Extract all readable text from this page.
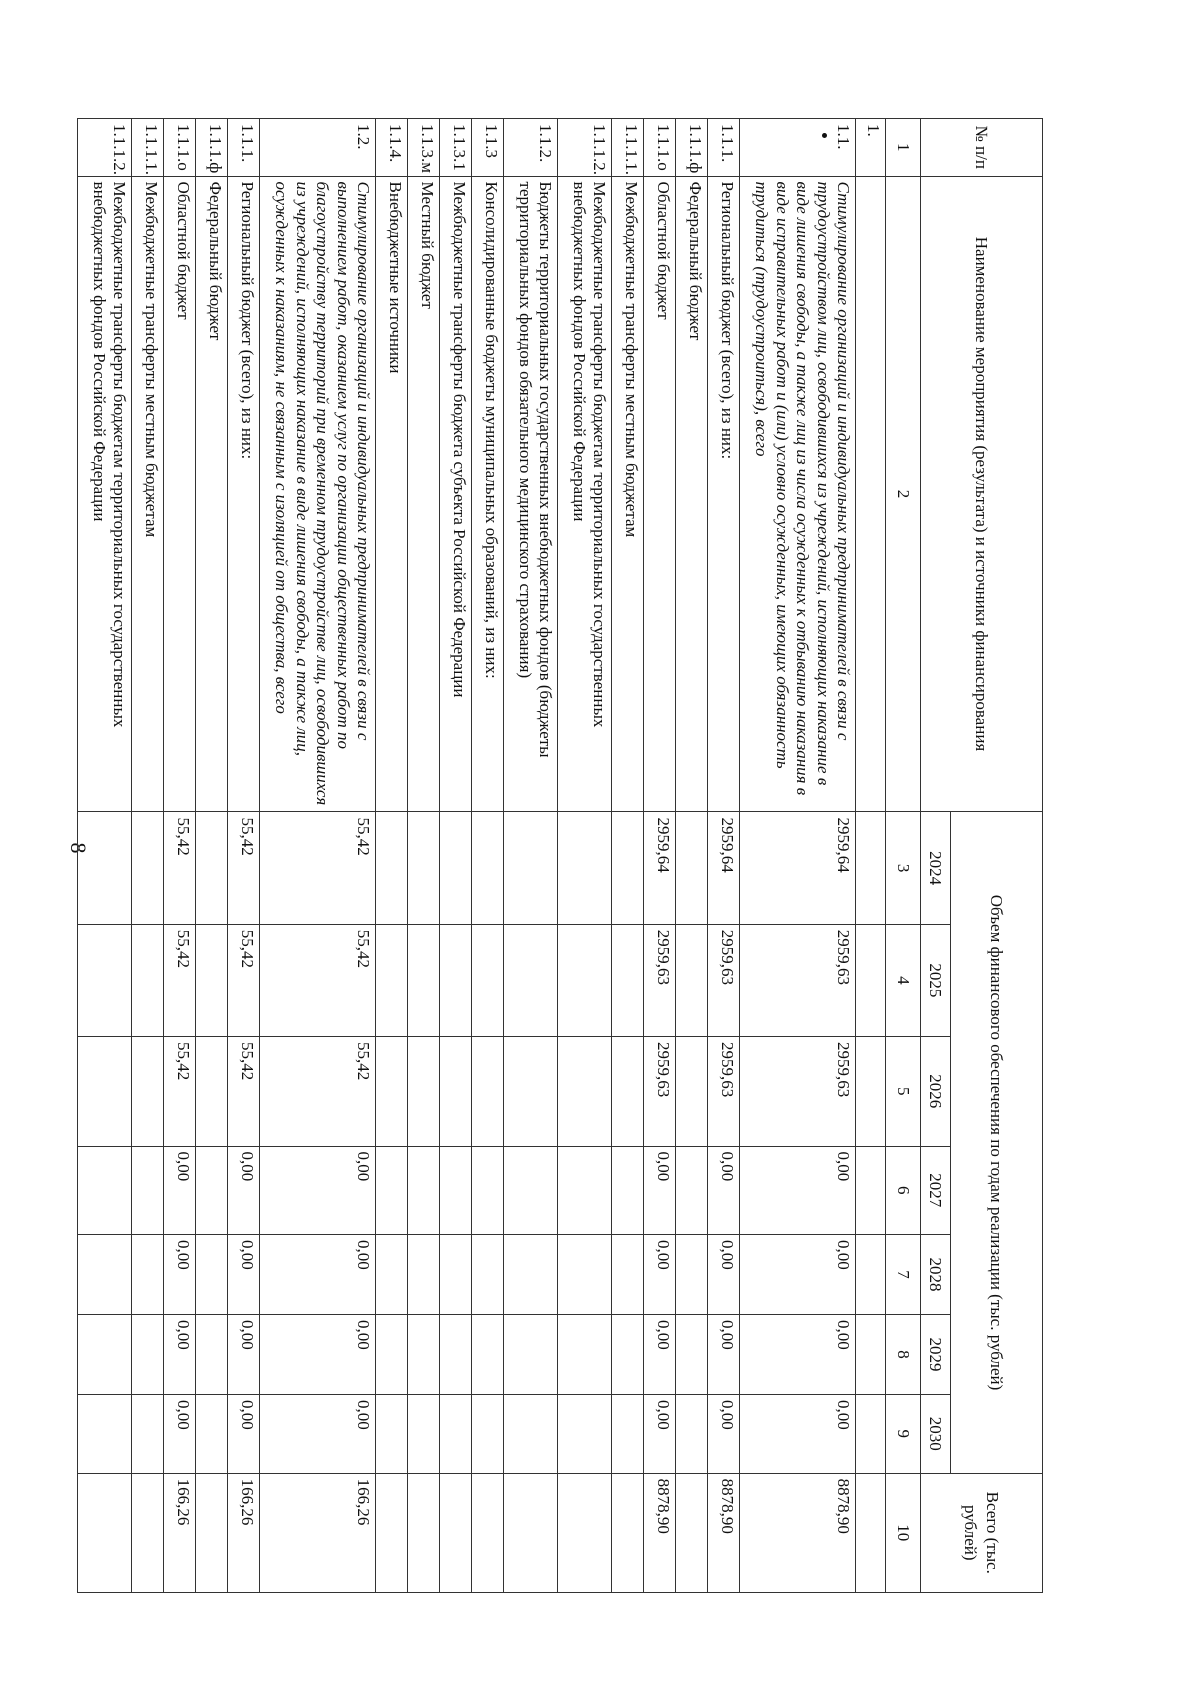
8
№ п/п	Наименование мероприятия (результата) и источники финансирования	Объем финансового обеспечения по годам реализации (тыс. рублей)							Всего (тыс. рублей)
		2024	2025	2026	2027	2028	2029	2030	
1	2	3	4	5	6	7	8	9	10
1.									
1.1.	Стимулирование организаций и индивидуальных предпринимателей в связи с трудоустройством лиц, освободившихся из учреждений, исполняющих наказание в виде лишения свободы, а также лиц из числа осужденных к отбыванию наказания в виде исправительных работ и (или) условно осужденных, имеющих обязанность трудиться (трудоустроиться), всего	2959,64	2959,63	2959,63	0,00	0,00	0,00	0,00	8878,90
1.1.1.	Региональный бюджет (всего), из них:	2959,64	2959,63	2959,63	0,00	0,00	0,00	0,00	8878,90
1.1.1.ф	Федеральный бюджет								
1.1.1.о	Областной бюджет	2959,64	2959,63	2959,63	0,00	0,00	0,00	0,00	8878,90
1.1.1.1.	Межбюджетные трансферты местным бюджетам								
1.1.1.2.	Межбюджетные трансферты бюджетам территориальных государственных внебюджетных фондов Российской Федерации								
1.1.2.	Бюджеты территориальных государственных внебюджетных фондов (бюджеты территориальных фондов обязательного медицинского страхования)								
1.1.3	Консолидированные бюджеты муниципальных образований, из них:								
1.1.3.1	Межбюджетные трансферты бюджета субъекта Российской Федерации								
1.1.3.м	Местный бюджет								
1.1.4.	Внебюджетные источники								
1.2.	Стимулирование организаций и индивидуальных предпринимателей в связи с выполнением работ, оказанием услуг по организации общественных работ по благоустройству территорий при временном трудоустройстве лиц, освободившихся из учреждений, исполняющих наказание в виде лишения свободы, а также лиц, осужденных к наказаниям, не связанным с изоляцией от общества, всего	55,42	55,42	55,42	0,00	0,00	0,00	0,00	166,26
1.1.1.	Региональный бюджет (всего), из них:	55,42	55,42	55,42	0,00	0,00	0,00	0,00	166,26
1.1.1.ф	Федеральный бюджет								
1.1.1.о	Областной бюджет	55,42	55,42	55,42	0,00	0,00	0,00	0,00	166,26
1.1.1.1.	Межбюджетные трансферты местным бюджетам								
1.1.1.2.	Межбюджетные трансферты бюджетам территориальных государственных внебюджетных фондов Российской Федерации								
